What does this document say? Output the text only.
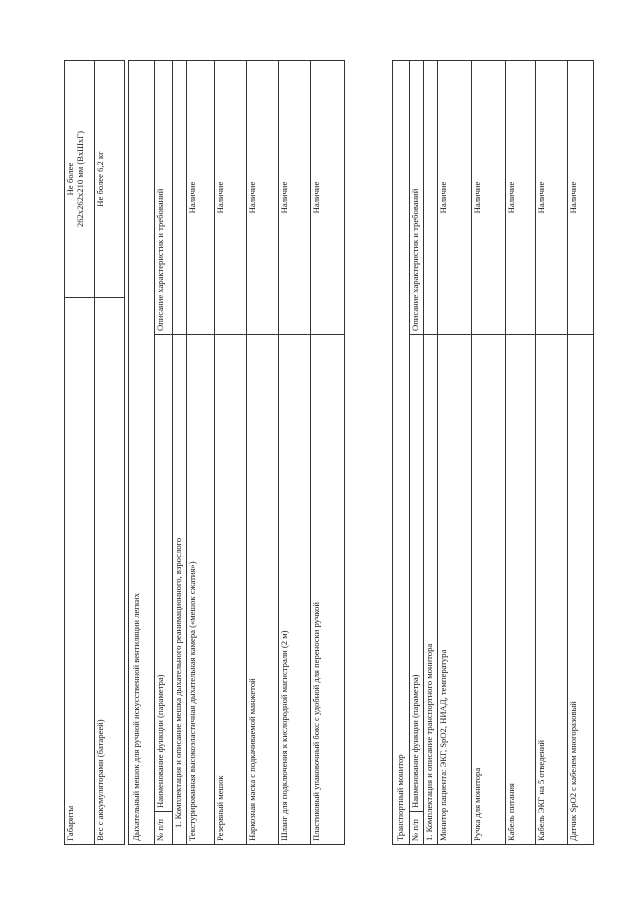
Габариты	Не более 262x262x210 мм (ВxШxГ)

Вес с аккумуляторами (батареей)	Не более 6,2 кг
Дыхательный мешок для ручной искусственной вентиляции легких		
№ п/п	Наименование функции (параметра)	Описание характеристик и требований
1. Комплектация и описание мешка дыхательного реанимационного, взрослого		
Текстурированная высокоэластичная дыхательная камера («мешок сжатия»)		Наличие
Резервный мешок		Наличие
Наркозная маска с подкачиваемой манжетой		Наличие
Шланг для подключения к кислородной магистрали (2 м)		Наличие
Пластиковый упаковочный бокс с удобной для переноски ручкой		Наличие
Транспортный монитор		
№ п/п	Наименование функции (параметра)	Описание характеристик и требований
1. Комплектация и описание транспортного монитора		
Монитор пациента: ЭКГ, SpO2, НИАД, температура		Наличие
Ручка для монитора		Наличие
Кабель питания		Наличие
Кабель ЭКГ на 5 отведений		Наличие
Датчик SpO2 с кабелем многоразовый		Наличие
